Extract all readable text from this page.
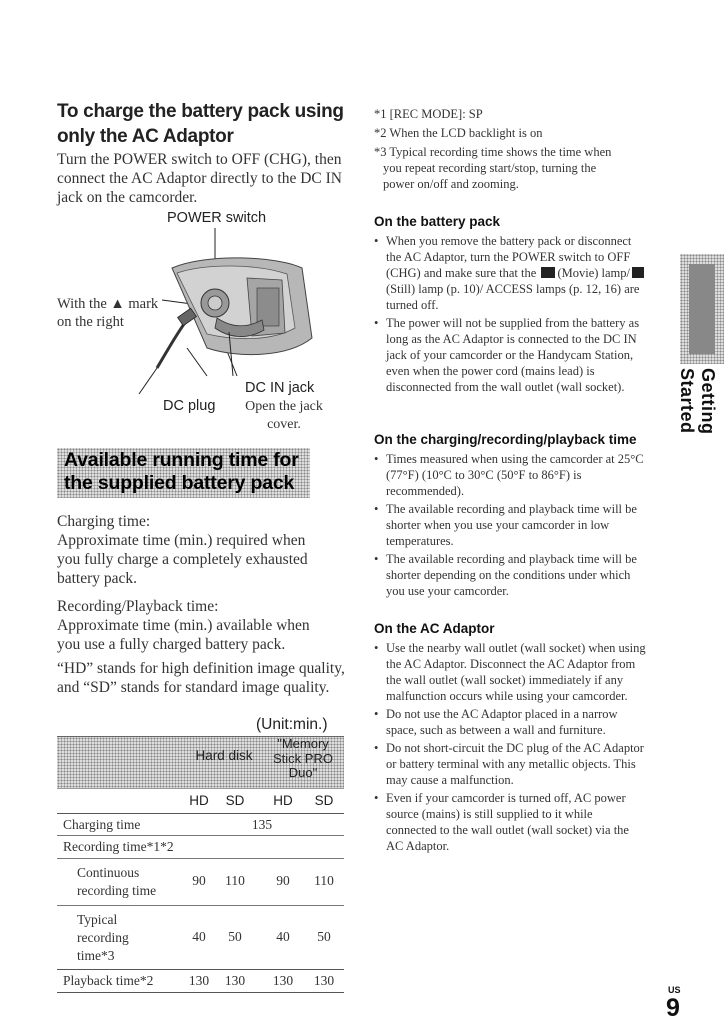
To charge the battery pack using only the AC Adaptor
Turn the POWER switch to OFF (CHG), then connect the AC Adaptor directly to the DC IN jack on the camcorder.
POWER switch
With the ▲ mark
on the right
DC IN jack
Open the jack
cover.
DC plug
Available running time for the supplied battery pack
Charging time:
Approximate time (min.) required when you fully charge a completely exhausted battery pack.
Recording/Playback time:
Approximate time (min.) available when you use a fully charged battery pack.
“HD” stands for high definition image quality, and “SD” stands for standard image quality.
(Unit:min.)
Hard disk
"Memory
Stick PRO
Duo"
HD	SD	HD	SD
Charging time	135
Recording time*1*2
Continuous
recording time
90	110	90	110
Typical
recording
time*3
40	50	40	50
Playback time*2	130	130	130	130
*1 [REC MODE]: SP
*2 When the LCD backlight is on
*3 Typical recording time shows the time when
you repeat recording start/stop, turning the
power on/off and zooming.
On the battery pack

• When you remove the battery pack or disconnect the AC Adaptor, turn the POWER switch to OFF (CHG) and make sure that the (Movie) lamp/(Still) lamp (p. 10)/ ACCESS lamps (p. 12, 16) are turned off.

• The power will not be supplied from the battery as long as the AC Adaptor is connected to the DC IN jack of your camcorder or the Handycam Station, even when the power cord (mains lead) is disconnected from the wall outlet (wall socket).

On the charging/recording/playback time

• Times measured when using the camcorder at 25°C (77°F) (10°C to 30°C (50°F to 86°F) is recommended).

• The available recording and playback time will be shorter when you use your camcorder in low temperatures.

• The available recording and playback time will be shorter depending on the conditions under which you use your camcorder.

On the AC Adaptor

• Use the nearby wall outlet (wall socket) when using the AC Adaptor. Disconnect the AC Adaptor from the wall outlet (wall socket) immediately if any malfunction occurs while using your camcorder.

• Do not use the AC Adaptor placed in a narrow space, such as between a wall and furniture.

• Do not short-circuit the DC plug of the AC Adaptor or battery terminal with any metallic objects. This may cause a malfunction.

• Even if your camcorder is turned off, AC power source (mains) is still supplied to it while connected to the wall outlet (wall socket) via the AC Adaptor.

Getting Started
US
9
